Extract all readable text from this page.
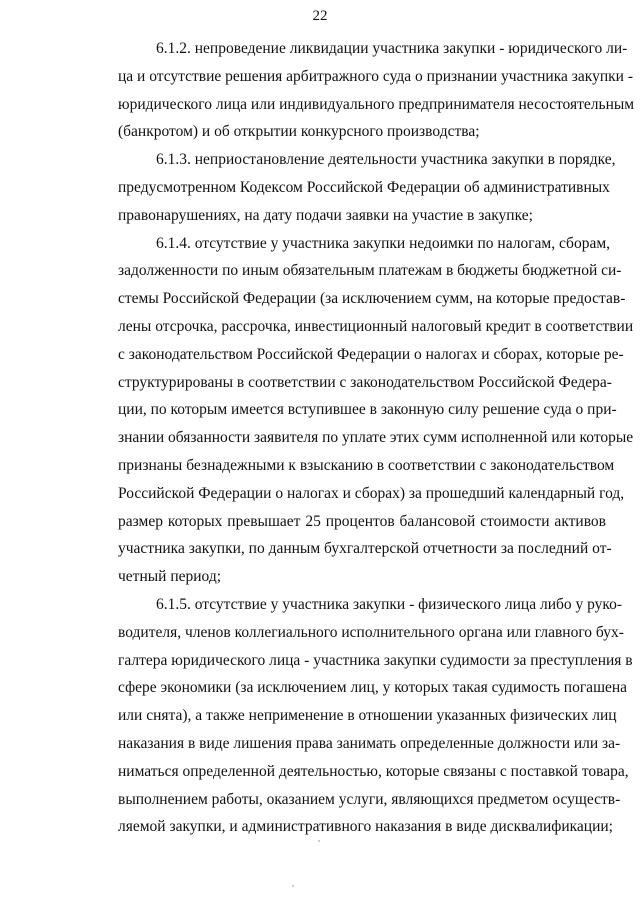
22
6.1.2. непроведение ликвидации участника закупки - юридического ли-
ца и отсутствие решения арбитражного суда о признании участника закупки -
юридического лица или индивидуального предпринимателя несостоятельным
(банкротом) и об открытии конкурсного производства;
6.1.3. неприостановление деятельности участника закупки в порядке,
предусмотренном Кодексом Российской Федерации об административных
правонарушениях, на дату подачи заявки на участие в закупке;
6.1.4. отсутствие у участника закупки недоимки по налогам, сборам,
задолженности по иным обязательным платежам в бюджеты бюджетной си-
стемы Российской Федерации (за исключением сумм, на которые предостав-
лены отсрочка, рассрочка, инвестиционный налоговый кредит в соответствии
с законодательством Российской Федерации о налогах и сборах, которые ре-
структурированы в соответствии с законодательством Российской Федера-
ции, по которым имеется вступившее в законную силу решение суда о при-
знании обязанности заявителя по уплате этих сумм исполненной или которые
признаны безнадежными к взысканию в соответствии с законодательством
Российской Федерации о налогах и сборах) за прошедший календарный год,
размер которых превышает 25 процентов балансовой стоимости активов
участника закупки, по данным бухгалтерской отчетности за последний от-
четный период;
6.1.5. отсутствие у участника закупки - физического лица либо у руко-
водителя, членов коллегиального исполнительного органа или главного бух-
галтера юридического лица - участника закупки судимости за преступления в
сфере экономики (за исключением лиц, у которых такая судимость погашена
или снята), а также неприменение в отношении указанных физических лиц
наказания в виде лишения права занимать определенные должности или за-
ниматься определенной деятельностью, которые связаны с поставкой товара,
выполнением работы, оказанием услуги, являющихся предметом осуществ-
ляемой закупки, и административного наказания в виде дисквалификации;
